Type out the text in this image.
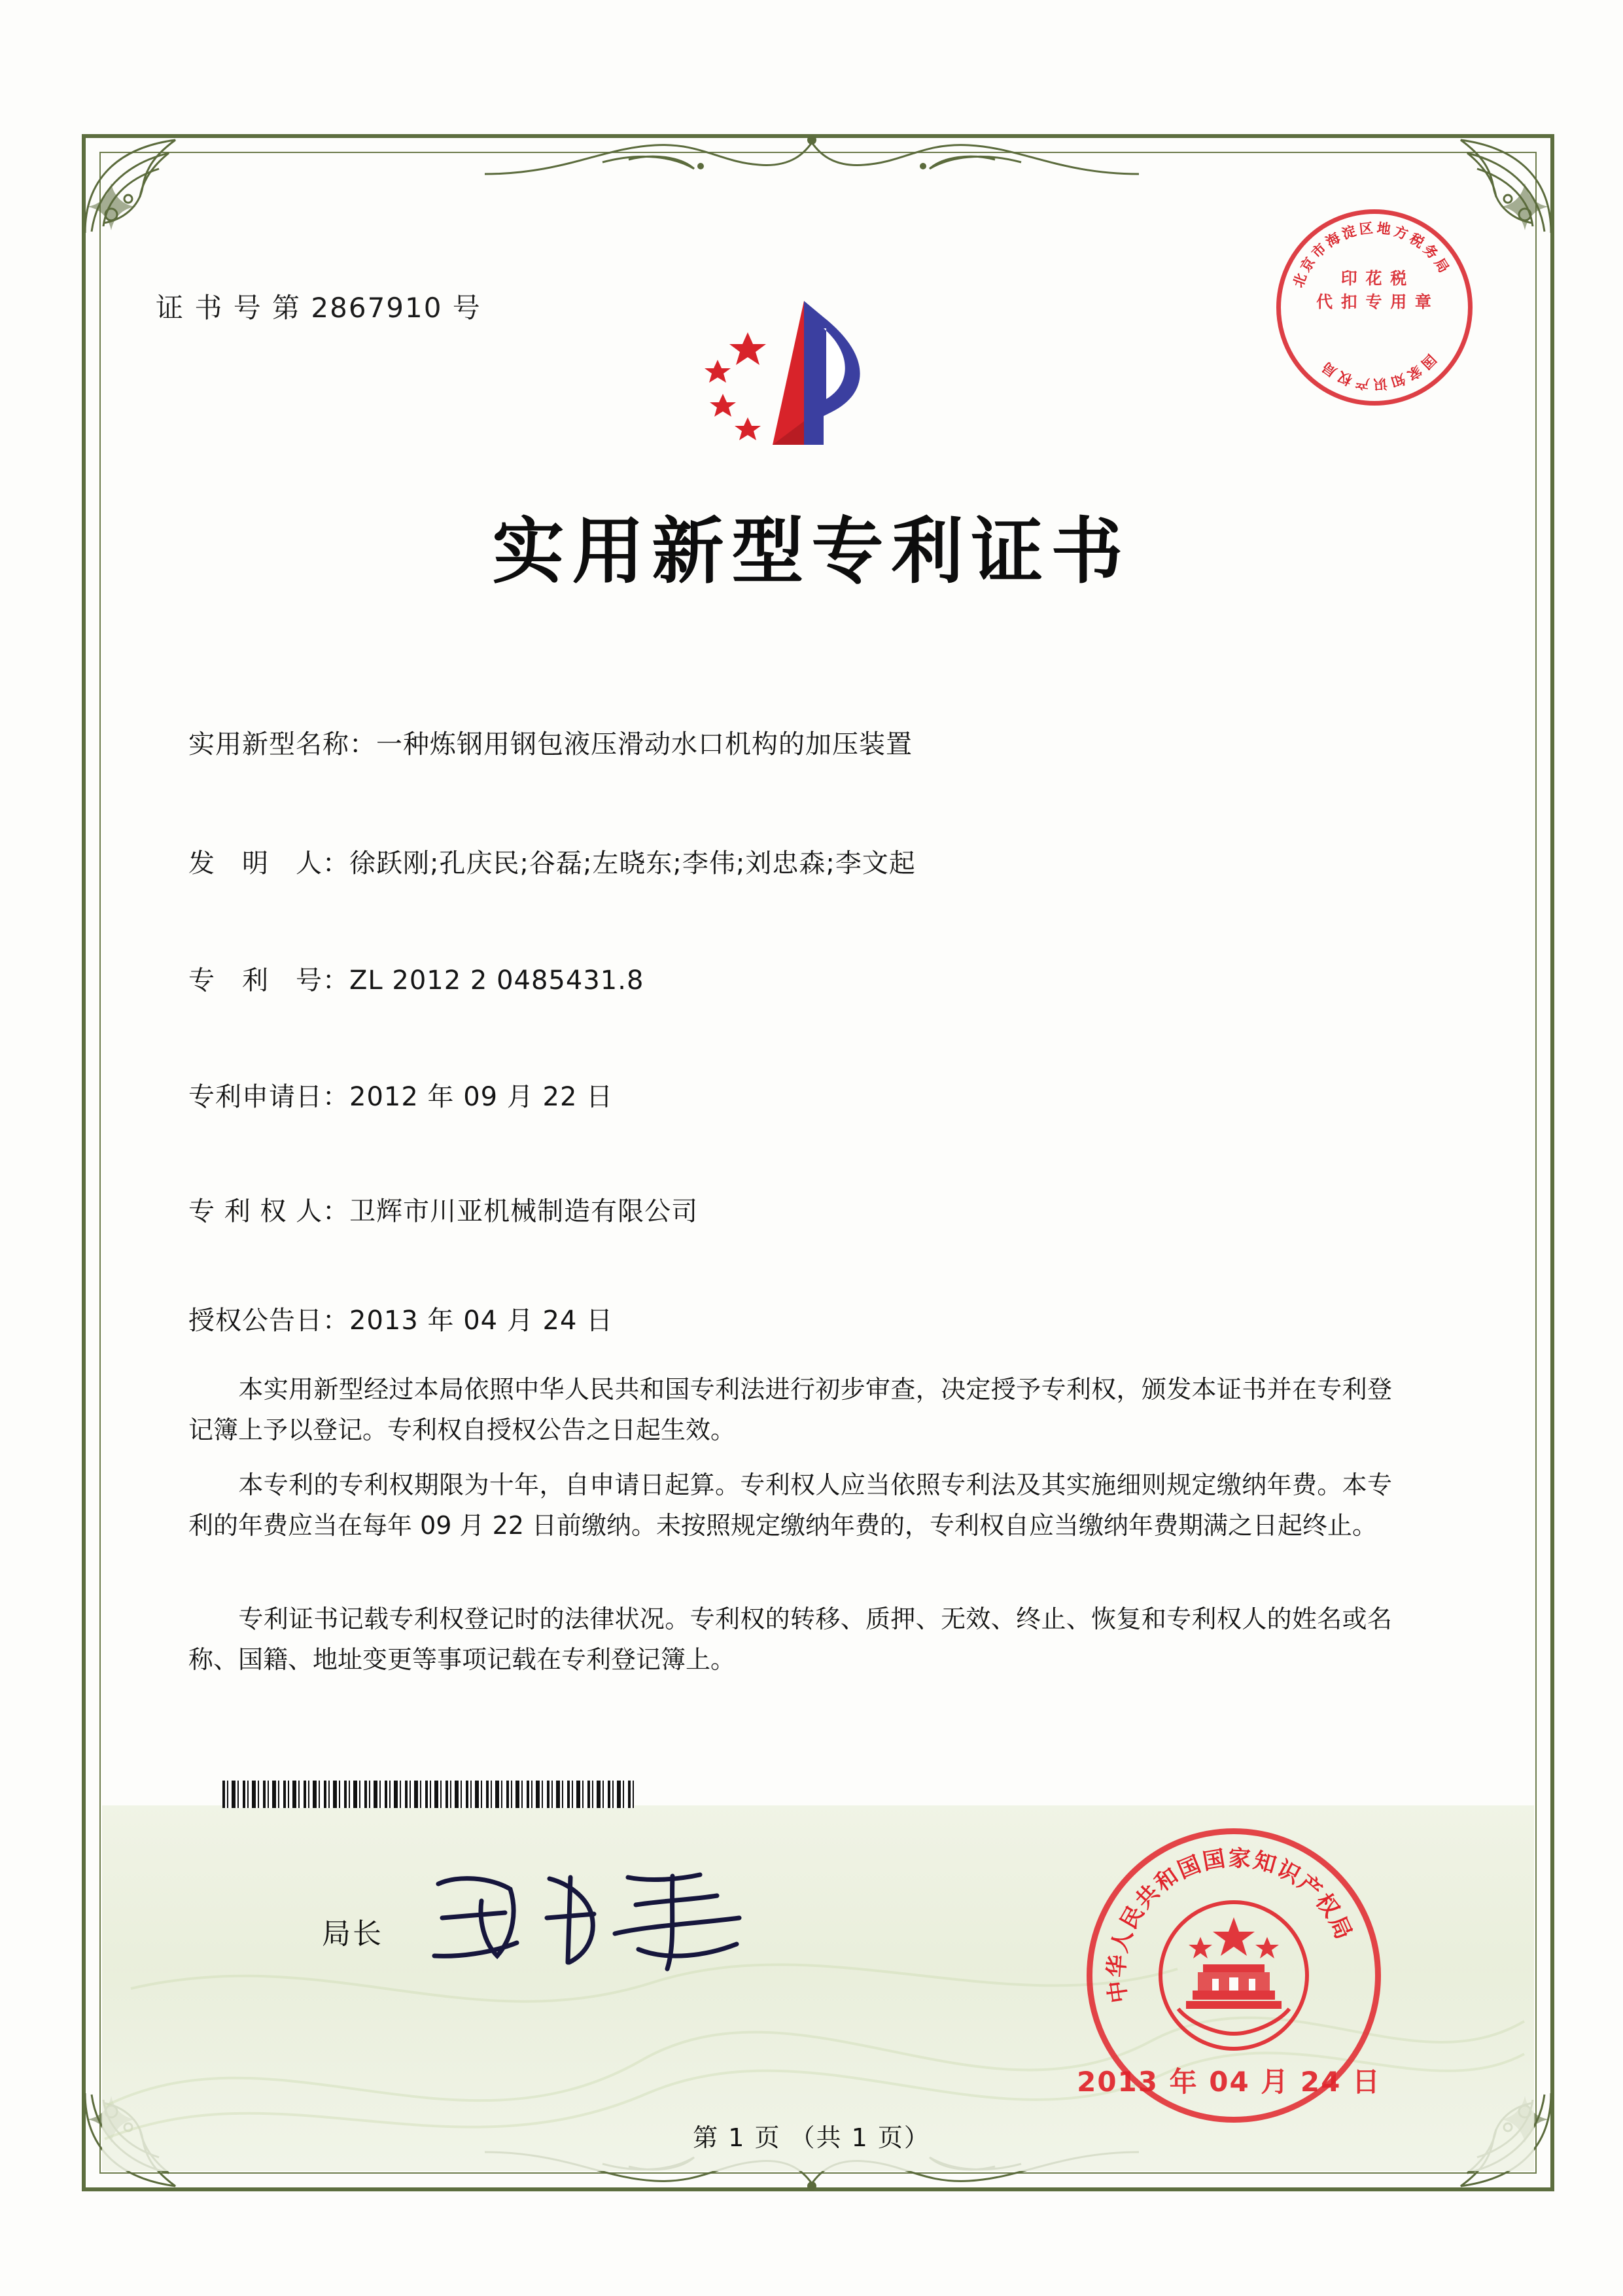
证 书 号 第 2867910 号
实用新型专利证书
实用新型名称：一种炼钢用钢包液压滑动水口机构的加压装置
发　明　人：徐跃刚;孔庆民;谷磊;左晓东;李伟;刘忠森;李文起
专　利　号：ZL 2012 2 0485431.8
专利申请日：2012 年 09 月 22 日
专 利 权 人：卫辉市川亚机械制造有限公司
授权公告日：2013 年 04 月 24 日
本实用新型经过本局依照中华人民共和国专利法进行初步审查，决定授予专利权，颁发本证书并在专利登记簿上予以登记。专利权自授权公告之日起生效。
本专利的专利权期限为十年，自申请日起算。专利权人应当依照专利法及其实施细则规定缴纳年费。本专利的年费应当在每年 09 月 22 日前缴纳。未按照规定缴纳年费的，专利权自应当缴纳年费期满之日起终止。
专利证书记载专利权登记时的法律状况。专利权的转移、质押、无效、终止、恢复和专利权人的姓名或名称、国籍、地址变更等事项记载在专利登记簿上。
局长
北
京
市
海
淀 区 地 方
税
务
局
国
家
知
识
产
权
局
印 花 税
代 扣 专 用 章
中
华
人
民
共
和
国
国 家 知
识
产
权
局
2013 年 04 月 24 日
第 1 页 （共 1 页）
